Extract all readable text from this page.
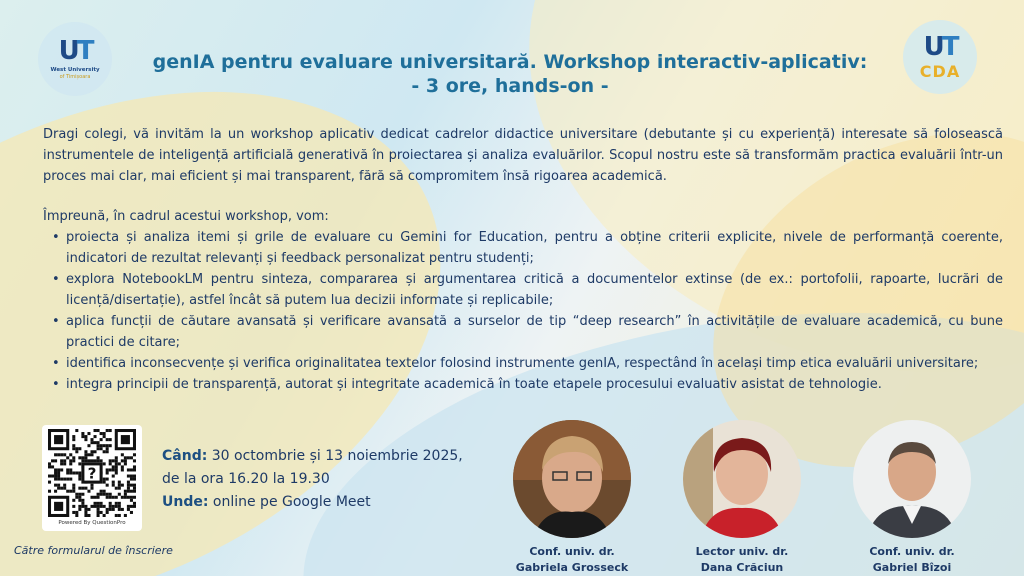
UT
West University
of Timișoara
UT
CDA
genIA pentru evaluare universitară. Workshop interactiv-aplicativ:
- 3 ore, hands-on -

Dragi colegi, vă invităm la un workshop aplicativ dedicat cadrelor didactice universitare (debutante și cu experiență) interesate să folosească instrumentele de inteligență artificială generativă în proiectarea și analiza evaluărilor. Scopul nostru este să transformăm practica evaluării într-un proces mai clar, mai eficient și mai transparent, fără să compromitem însă rigoarea academică.

Împreună, în cadrul acestui workshop, vom:

• proiecta și analiza itemi și grile de evaluare cu Gemini for Education, pentru a obține criterii explicite, nivele de performanță coerente, indicatori de rezultat relevanți și feedback personalizat pentru studenți;
• explora NotebookLM pentru sinteza, compararea și argumentarea critică a documentelor extinse (de ex.: portofolii, rapoarte, lucrări de licență/disertație), astfel încât să putem lua decizii informate și replicabile;
• aplica funcții de căutare avansată și verificare avansată a surselor de tip “deep research” în activitățile de evaluare academică, cu bune practici de citare;
• identifica inconsecvențe și verifica originalitatea textelor folosind instrumente genIA, respectând în același timp etica evaluării universitare;
• integra principii de transparență, autorat și integritate academică în toate etapele procesului evaluativ asistat de tehnologie.
?
Powered By QuestionPro
Către formularul de înscriere
Când: 30 octombrie și 13 noiembrie 2025,
de la ora 16.20 la 19.30
Unde: online pe Google Meet
Conf. univ. dr.
Gabriela Grosseck
Lector univ. dr.
Dana Crăciun
Conf. univ. dr.
Gabriel Bîzoi
